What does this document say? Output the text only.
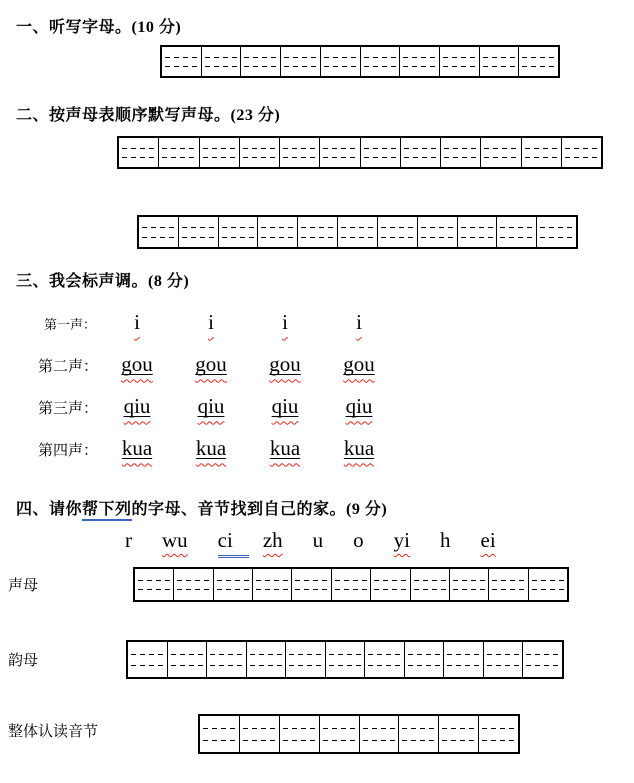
一、听写字母。(10 分)
二、按声母表顺序默写声母。(23 分)
三、我会标声调。(8 分)
第一声：	i	i	i	i
第二声：	gou	gou	gou	gou
第三声：	qiu	qiu	qiu	qiu
第四声：	kua	kua	kua	kua
四、请你帮下列的字母、音节找到自己的家。(9 分)
r wu ci	zh u o yi h ei
声母
韵母
整体认读音节
